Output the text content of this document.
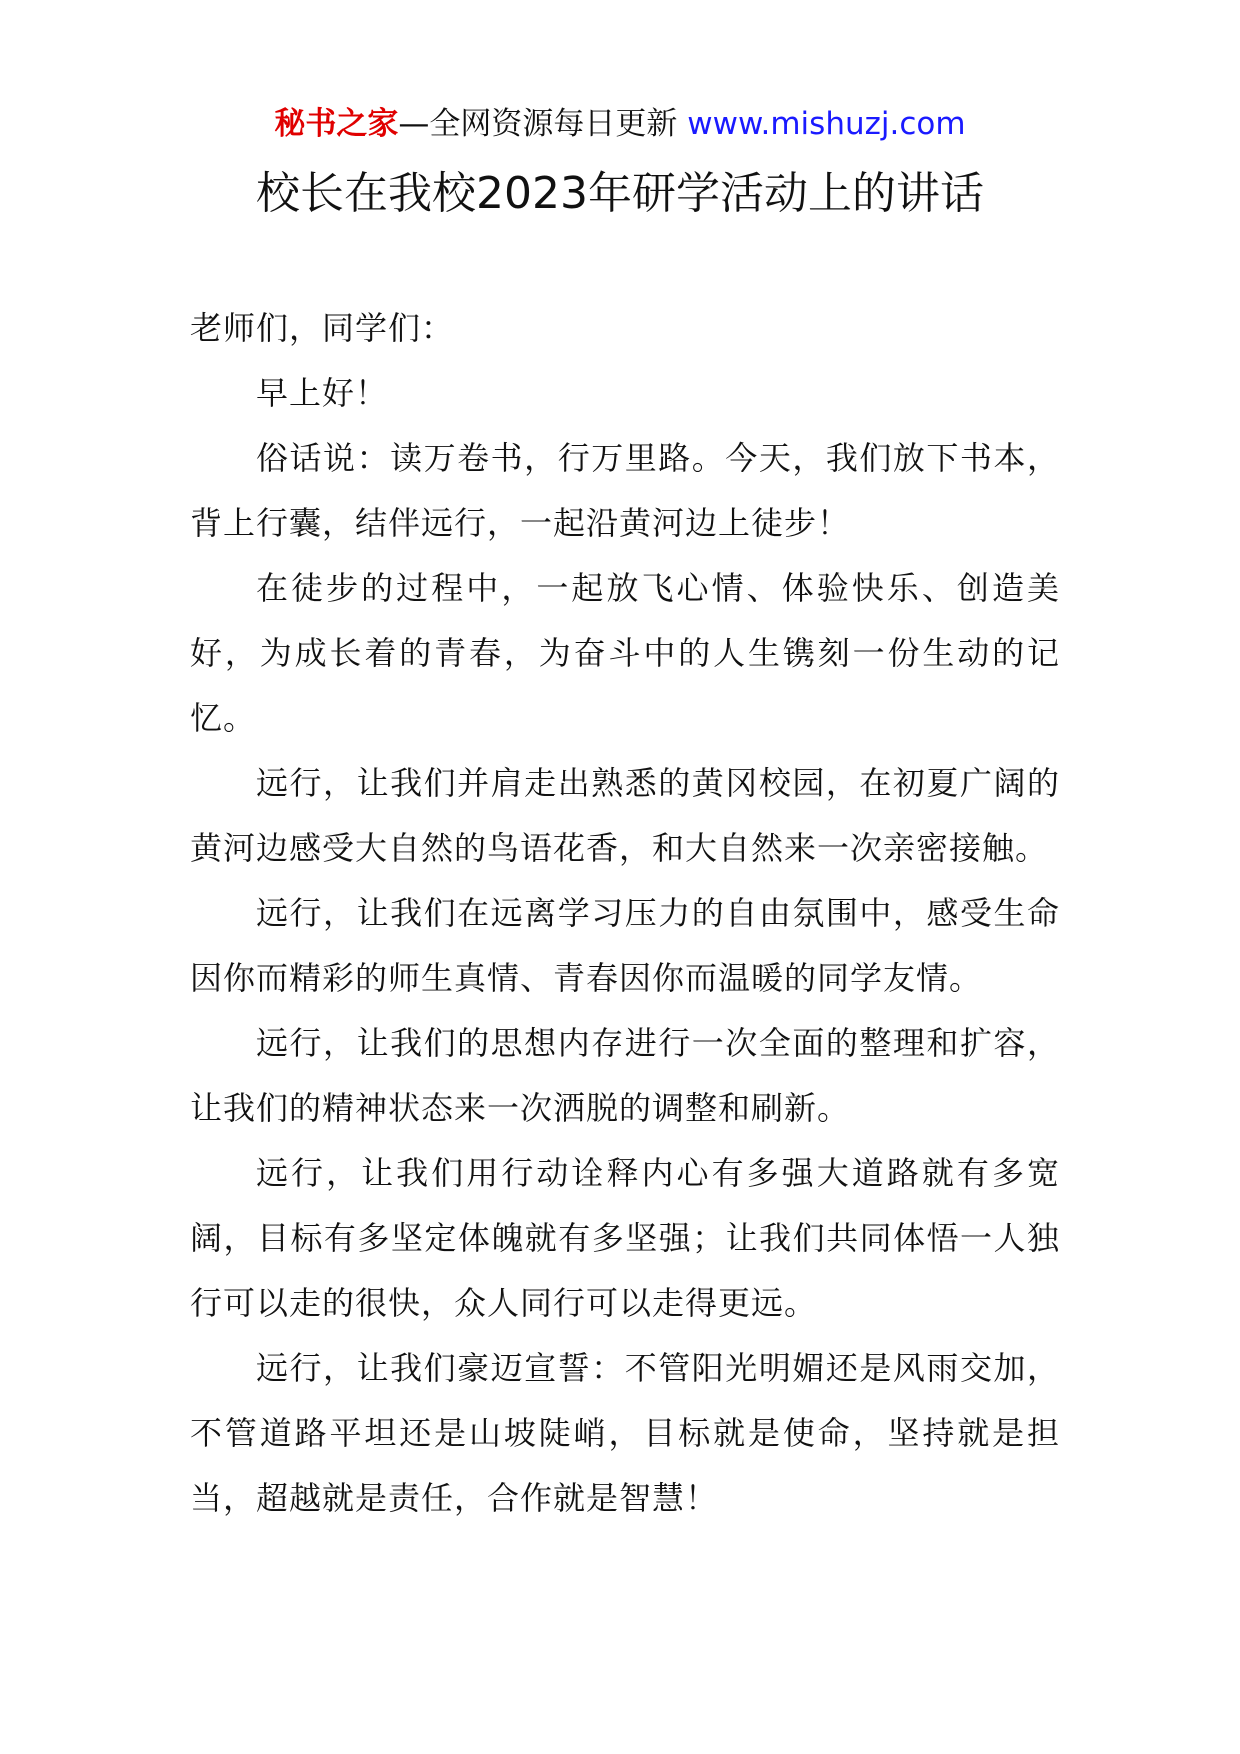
秘书之家—全网资源每日更新 www.mishuzj.com
校长在我校2023年研学活动上的讲话

老师们，同学们：

早上好！

俗话说：读万卷书，行万里路。今天，我们放下书本，背上行囊，结伴远行，一起沿黄河边上徒步！

在徒步的过程中，一起放飞心情、体验快乐、创造美好，为成长着的青春，为奋斗中的人生镌刻一份生动的记忆。

远行，让我们并肩走出熟悉的黄冈校园，在初夏广阔的黄河边感受大自然的鸟语花香，和大自然来一次亲密接触。

远行，让我们在远离学习压力的自由氛围中，感受生命因你而精彩的师生真情、青春因你而温暖的同学友情。

远行，让我们的思想内存进行一次全面的整理和扩容，让我们的精神状态来一次洒脱的调整和刷新。

远行，让我们用行动诠释内心有多强大道路就有多宽阔，目标有多坚定体魄就有多坚强；让我们共同体悟一人独行可以走的很快，众人同行可以走得更远。

远行，让我们豪迈宣誓：不管阳光明媚还是风雨交加，不管道路平坦还是山坡陡峭，目标就是使命，坚持就是担当，超越就是责任，合作就是智慧！
